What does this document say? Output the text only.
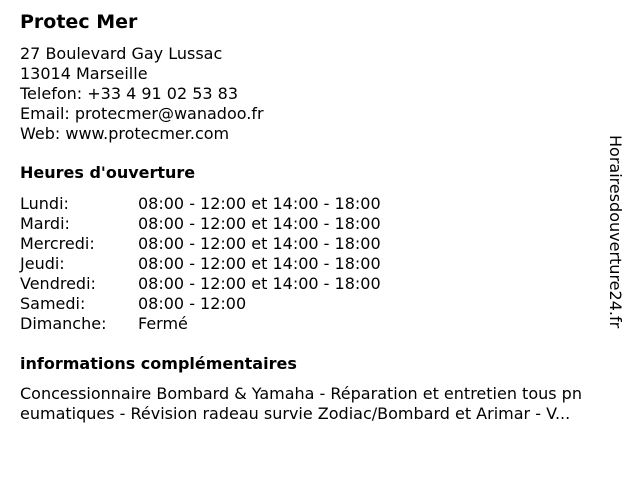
Protec Mer
27 Boulevard Gay Lussac
13014 Marseille
Telefon: +33 4 91 02 53 83
Email: protecmer@wanadoo.fr
Web: www.protecmer.com
Heures d'ouverture
Lundi:	08:00 - 12:00 et 14:00 - 18:00
Mardi:	08:00 - 12:00 et 14:00 - 18:00
Mercredi:	08:00 - 12:00 et 14:00 - 18:00
Jeudi:	08:00 - 12:00 et 14:00 - 18:00
Vendredi:	08:00 - 12:00 et 14:00 - 18:00
Samedi:	08:00 - 12:00
Dimanche:	Fermé
informations complémentaires
Concessionnaire Bombard & Yamaha - Réparation et entretien tous pn
eumatiques - Révision radeau survie Zodiac/Bombard et Arimar - V...
Horairesdouverture24.fr
